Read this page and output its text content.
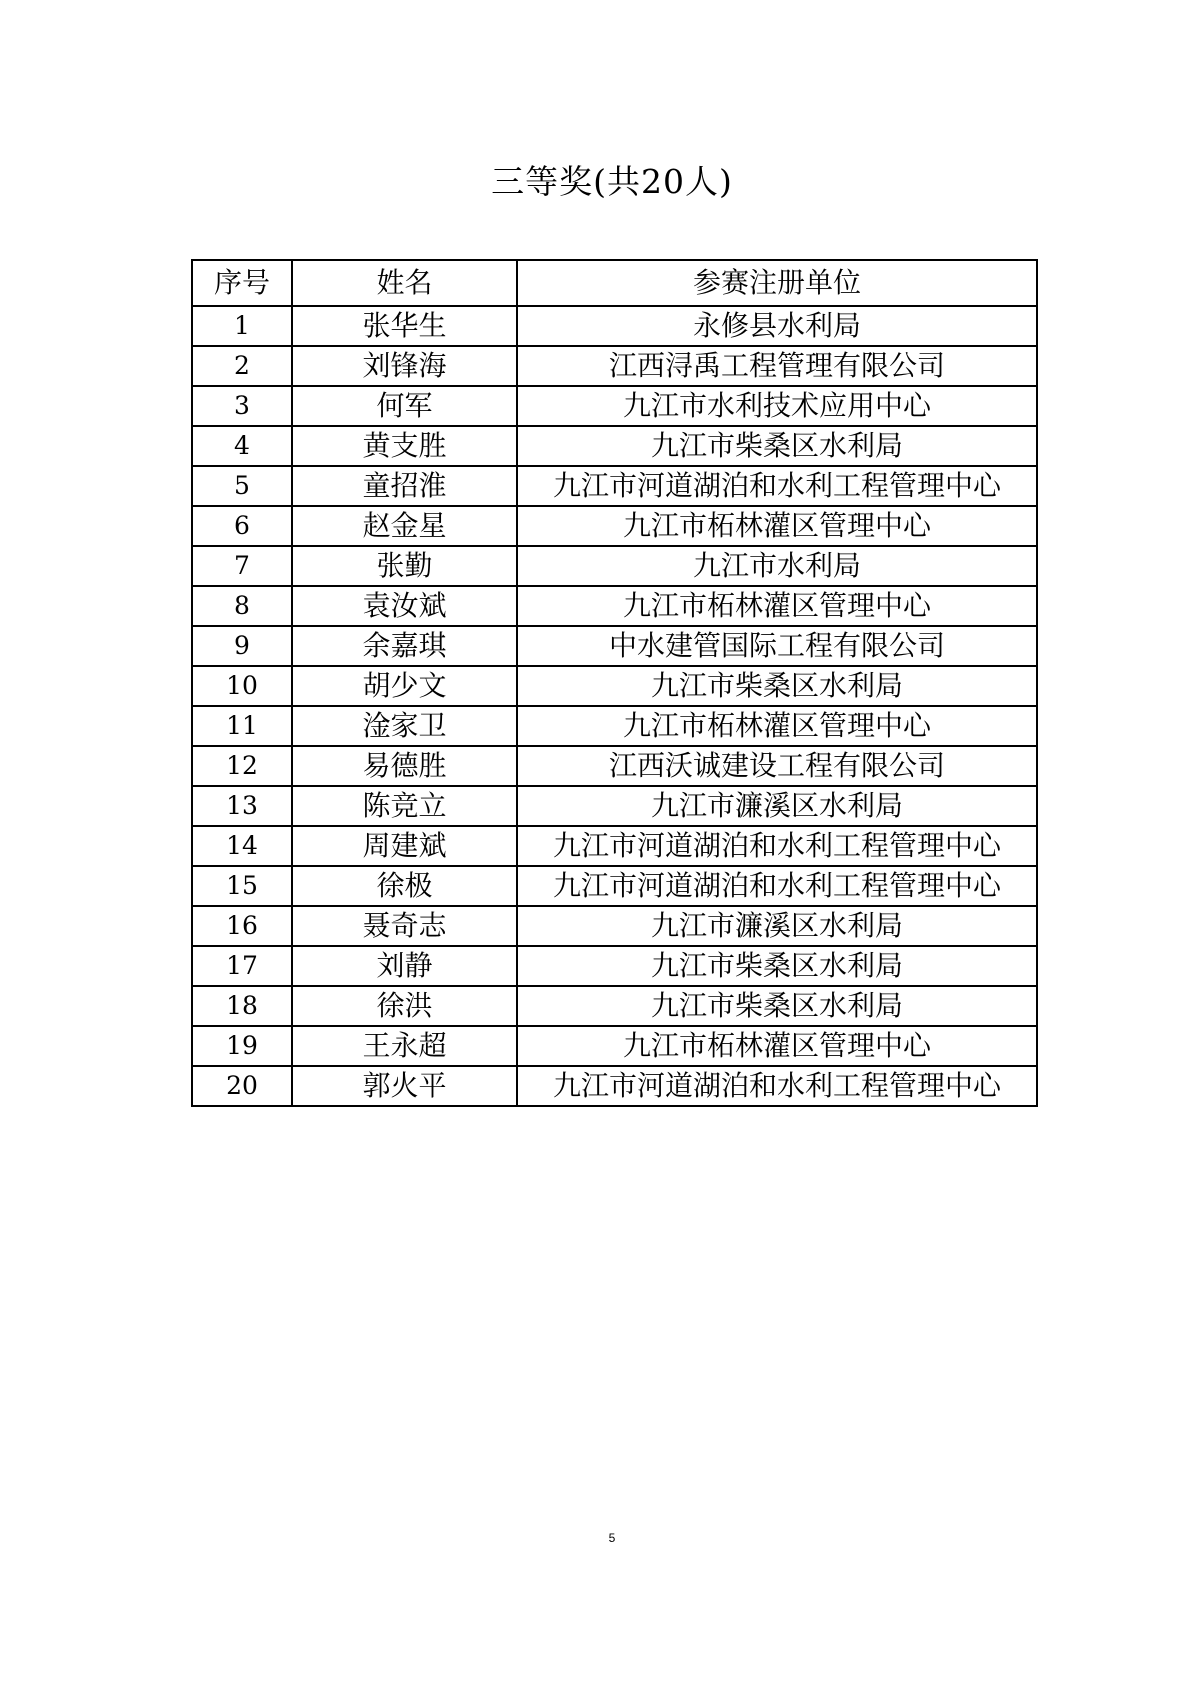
三等奖(共20人)
序号	姓名	参赛注册单位
1	张华生	永修县水利局
2	刘锋海	江西浔禹工程管理有限公司
3	何军	九江市水利技术应用中心
4	黄支胜	九江市柴桑区水利局
5	童招淮	九江市河道湖泊和水利工程管理中心
6	赵金星	九江市柘林灌区管理中心
7	张勤	九江市水利局
8	袁汝斌	九江市柘林灌区管理中心
9	余嘉琪	中水建管国际工程有限公司
10	胡少文	九江市柴桑区水利局
11	淦家卫	九江市柘林灌区管理中心
12	易德胜	江西沃诚建设工程有限公司
13	陈竞立	九江市濂溪区水利局
14	周建斌	九江市河道湖泊和水利工程管理中心
15	徐极	九江市河道湖泊和水利工程管理中心
16	聂奇志	九江市濂溪区水利局
17	刘静	九江市柴桑区水利局
18	徐洪	九江市柴桑区水利局
19	王永超	九江市柘林灌区管理中心
20	郭火平	九江市河道湖泊和水利工程管理中心
5
